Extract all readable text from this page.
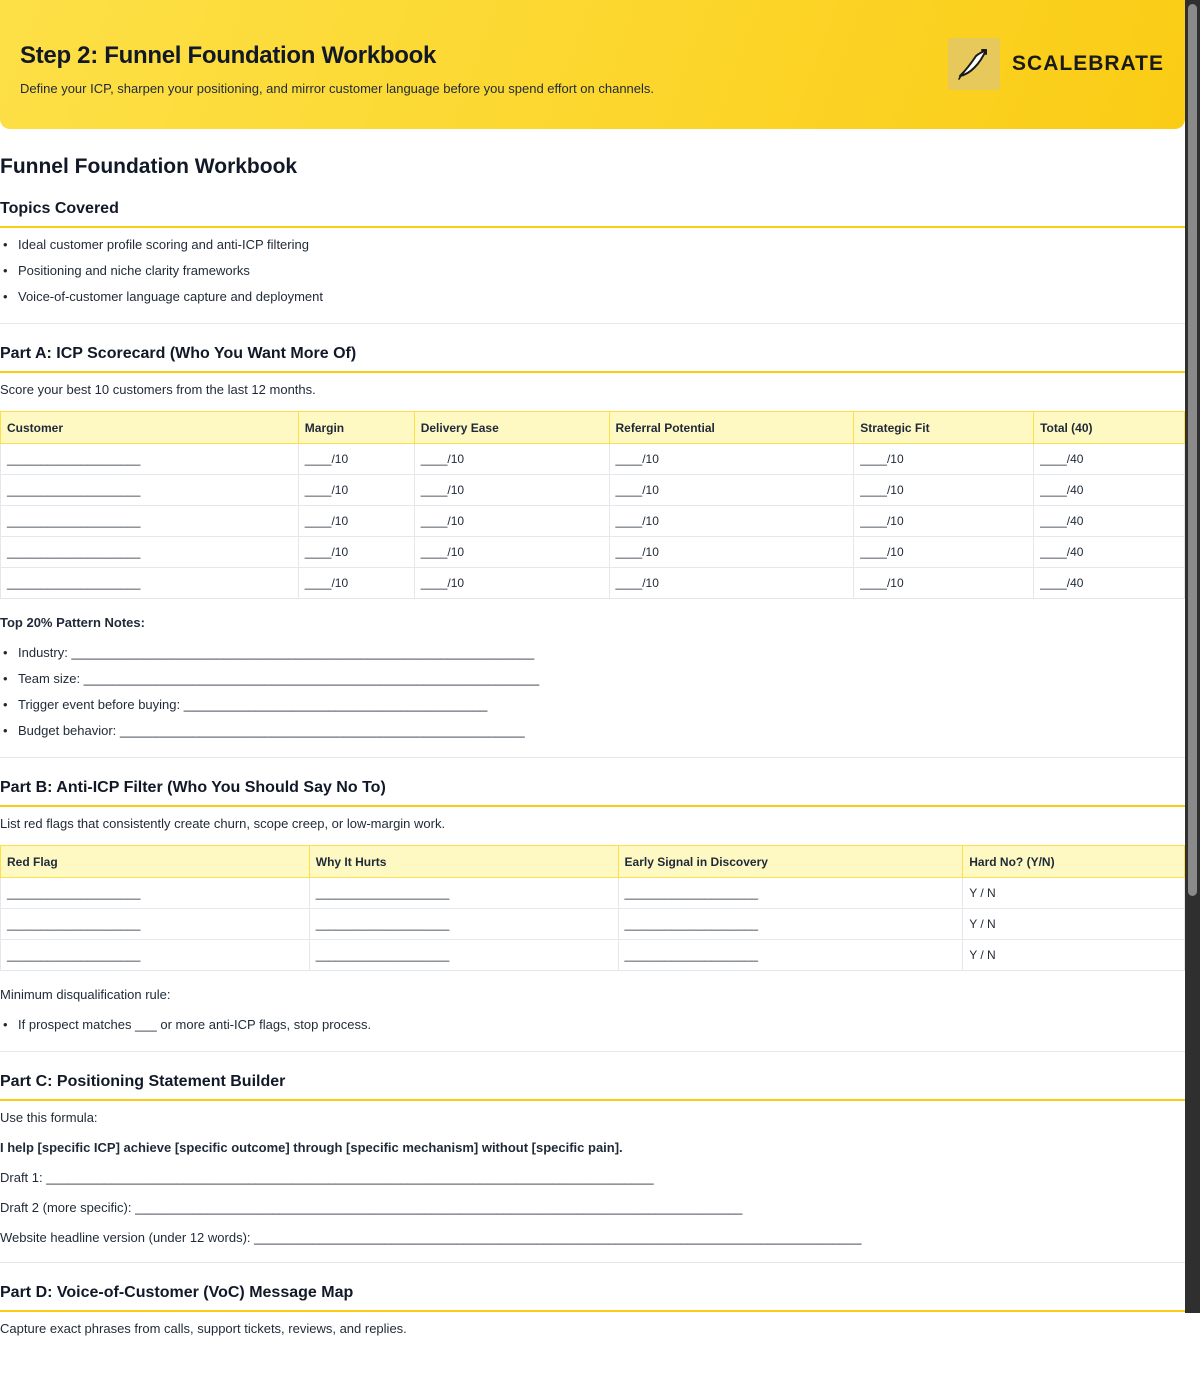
Step 2: Funnel Foundation Workbook
Define your ICP, sharpen your positioning, and mirror customer language before you spend effort on channels.
SCALEBRATE
Funnel Foundation Workbook
Topics Covered
• Ideal customer profile scoring and anti-ICP filtering
• Positioning and niche clarity frameworks
• Voice-of-customer language capture and deployment
Part A: ICP Scorecard (Who You Want More Of)

Score your best 10 customers from the last 12 months.

Customer	Margin	Delivery Ease	Referral Potential	Strategic Fit	Total (40)
____________________	____/10	____/10	____/10	____/10	____/40
____________________	____/10	____/10	____/10	____/10	____/40
____________________	____/10	____/10	____/10	____/10	____/40
____________________	____/10	____/10	____/10	____/10	____/40
____________________	____/10	____/10	____/10	____/10	____/40

Top 20% Pattern Notes:

• Industry: ________________________________________________________________
• Team size: _______________________________________________________________
• Trigger event before buying: __________________________________________
• Budget behavior: ________________________________________________________
Part B: Anti-ICP Filter (Who You Should Say No To)

List red flags that consistently create churn, scope creep, or low-margin work.

Red Flag	Why It Hurts	Early Signal in Discovery	Hard No? (Y/N)
____________________	____________________	____________________	Y / N
____________________	____________________	____________________	Y / N
____________________	____________________	____________________	Y / N

Minimum disqualification rule:

• If prospect matches ___ or more anti-ICP flags, stop process.
Part C: Positioning Statement Builder

Use this formula:

I help [specific ICP] achieve [specific outcome] through [specific mechanism] without [specific pain].

Draft 1: ____________________________________________________________________________________

Draft 2 (more specific): ____________________________________________________________________________________

Website headline version (under 12 words): ____________________________________________________________________________________

Part D: Voice-of-Customer (VoC) Message Map

Capture exact phrases from calls, support tickets, reviews, and replies.
